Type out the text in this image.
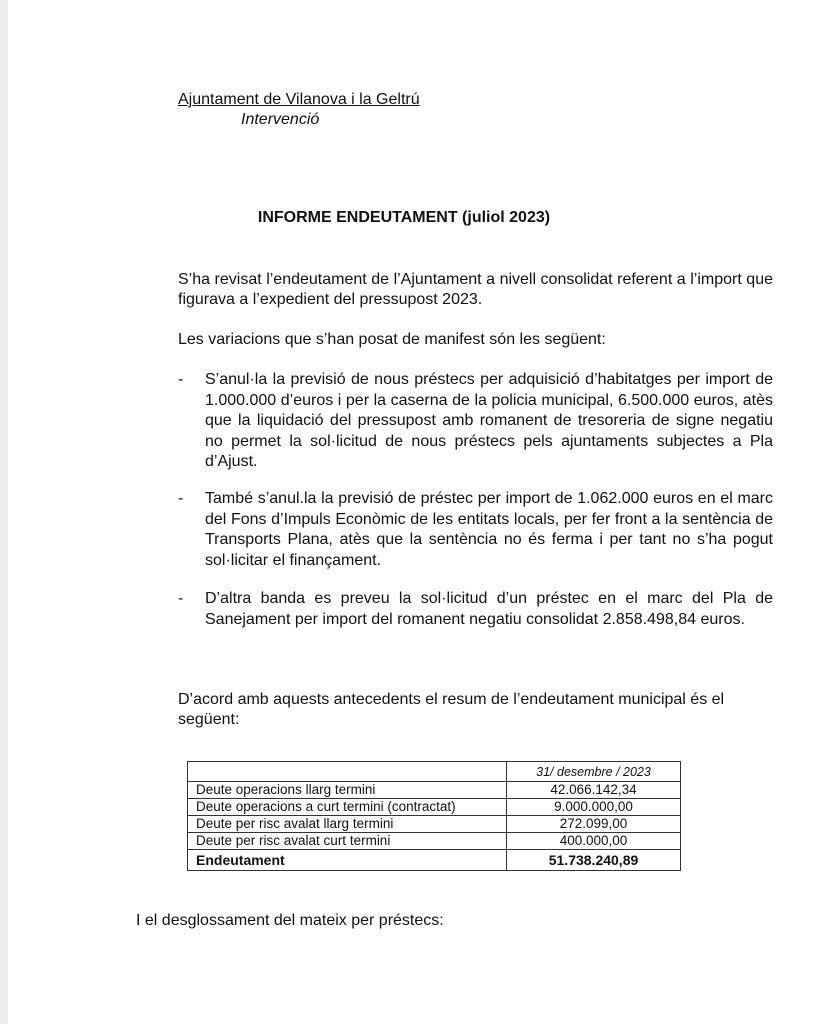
Ajuntament de Vilanova i la Geltrú
Intervenció
INFORME ENDEUTAMENT (juliol 2023)
S’ha revisat l’endeutament de l’Ajuntament a nivell consolidat referent a l’import que figurava a l’expedient del pressupost 2023.
Les variacions que s’han posat de manifest són les següent:
- S’anul·la la previsió de nous préstecs per adquisició d’habitatges per import de 1.000.000 d’euros i per la caserna de la policia municipal, 6.500.000 euros, atès que la liquidació del pressupost amb romanent de tresoreria de signe negatiu no permet la sol·licitud de nous préstecs pels ajuntaments subjectes a Pla d’Ajust.
- També s’anul.la la previsió de préstec per import de 1.062.000 euros en el marc del Fons d’Impuls Econòmic de les entitats locals, per fer front a la sentència de Transports Plana, atès que la sentència no és ferma i per tant no s’ha pogut sol·licitar el finançament.
- D’altra banda es preveu la sol·licitud d’un préstec en el marc del Pla de Sanejament per import del romanent negatiu consolidat 2.858.498,84 euros.
D’acord amb aquests antecedents el resum de l’endeutament municipal és el següent:
	31/ desembre / 2023
Deute operacions llarg termini	42.066.142,34
Deute operacions a curt termini (contractat)	9.000.000,00
Deute per risc avalat llarg termini	272.099,00
Deute per risc avalat curt termini	400.000,00
Endeutament	51.738.240,89
I el desglossament del mateix per préstecs:
